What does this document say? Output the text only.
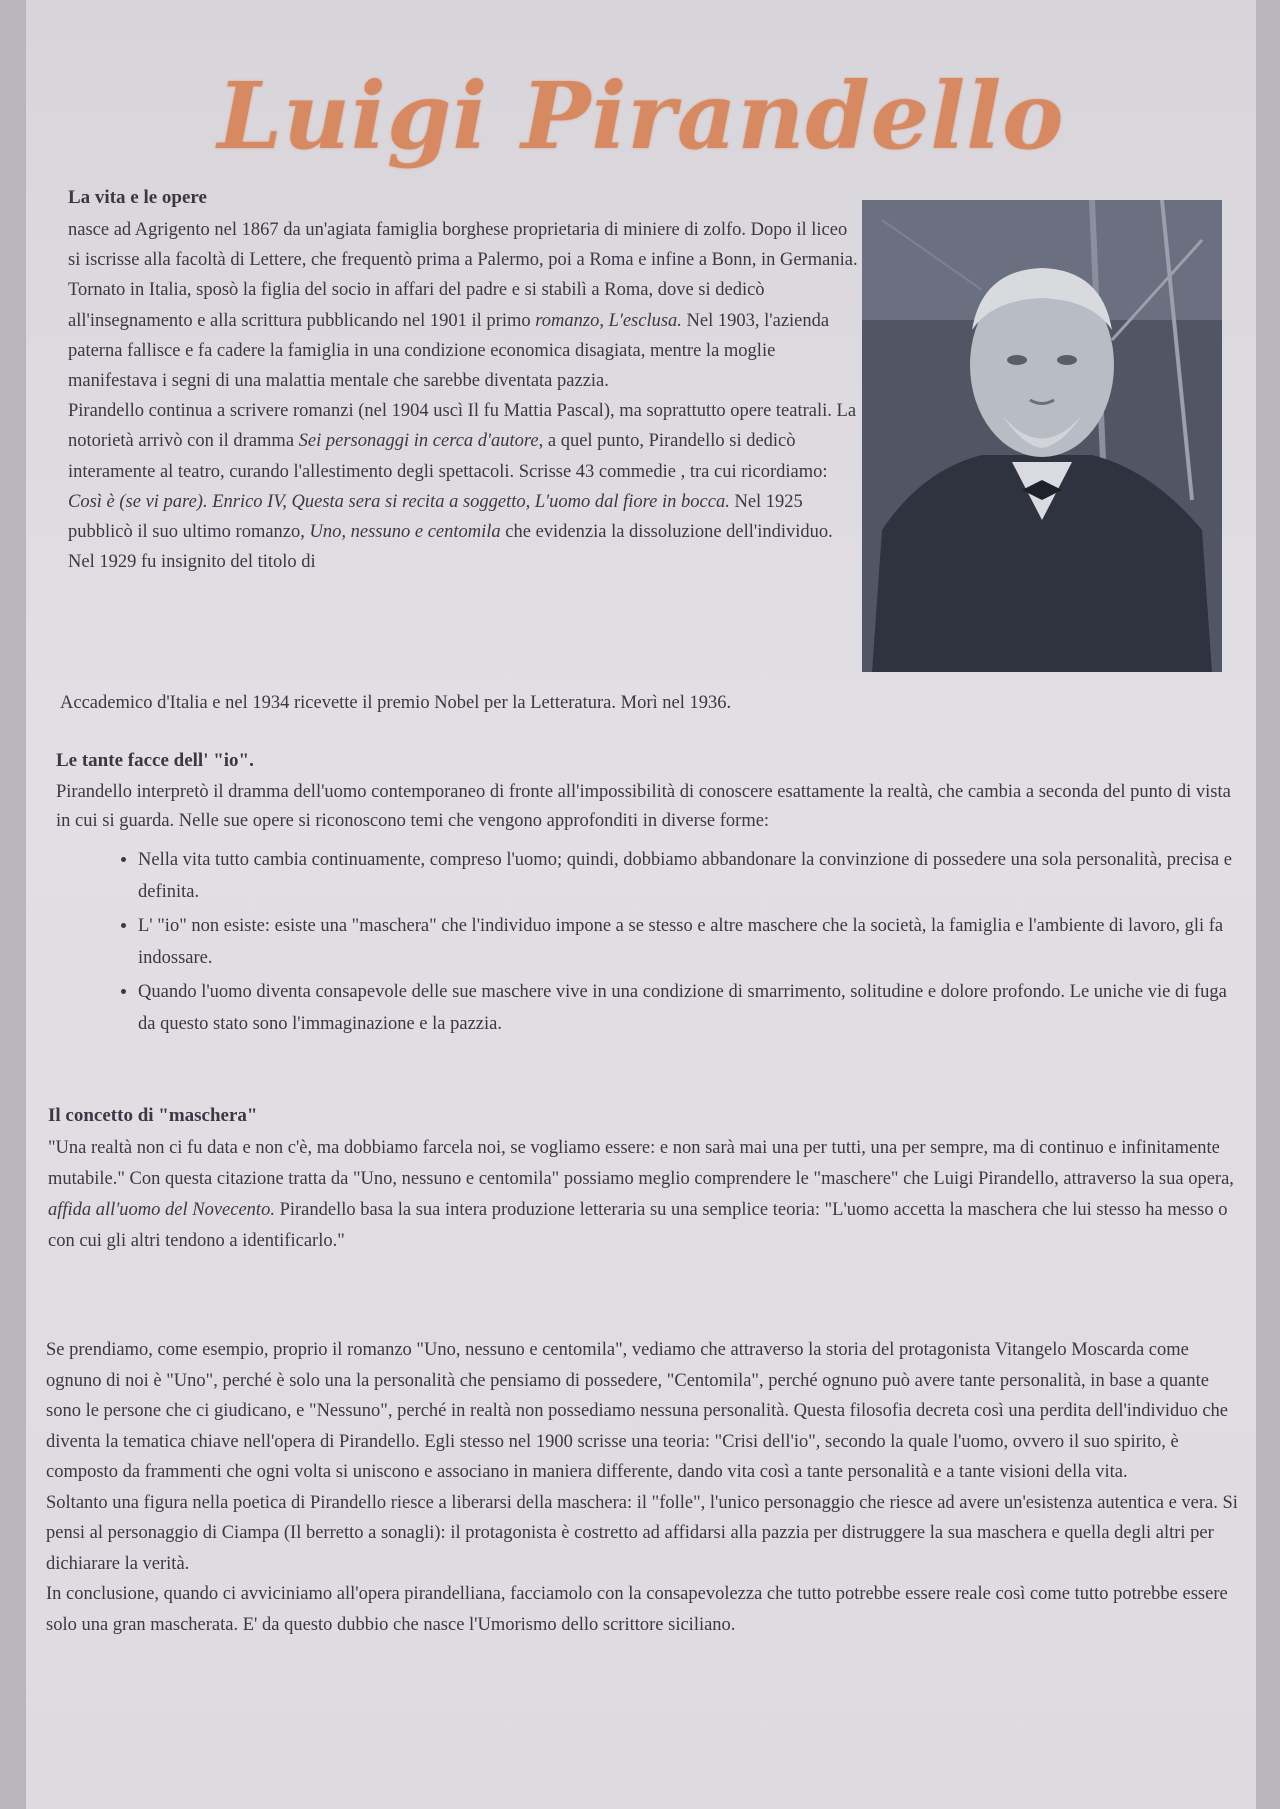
Luigi Pirandello

La vita e le opere

nasce ad Agrigento nel 1867 da un'agiata famiglia borghese proprietaria di miniere di zolfo. Dopo il liceo si iscrisse alla facoltà di Lettere, che frequentò prima a Palermo, poi a Roma e infine a Bonn, in Germania.

Tornato in Italia, sposò la figlia del socio in affari del padre e si stabilì a Roma, dove si dedicò all'insegnamento e alla scrittura pubblicando nel 1901 il primo romanzo, L'esclusa. Nel 1903, l'azienda paterna fallisce e fa cadere la famiglia in una condizione economica disagiata, mentre la moglie manifestava i segni di una malattia mentale che sarebbe diventata pazzia.

Pirandello continua a scrivere romanzi (nel 1904 uscì Il fu Mattia Pascal), ma soprattutto opere teatrali. La notorietà arrivò con il dramma Sei personaggi in cerca d'autore, a quel punto, Pirandello si dedicò interamente al teatro, curando l'allestimento degli spettacoli. Scrisse 43 commedie , tra cui ricordiamo: Così è (se vi pare). Enrico IV, Questa sera si recita a soggetto, L'uomo dal fiore in bocca. Nel 1925 pubblicò il suo ultimo romanzo, Uno, nessuno e centomila che evidenzia la dissoluzione dell'individuo. Nel 1929 fu insignito del titolo di

Accademico d'Italia e nel 1934 ricevette il premio Nobel per la Letteratura. Morì nel 1936.

Le tante facce dell' "io".

Pirandello interpretò il dramma dell'uomo contemporaneo di fronte all'impossibilità di conoscere esattamente la realtà, che cambia a seconda del punto di vista in cui si guarda. Nelle sue opere si riconoscono temi che vengono approfonditi in diverse forme:

• Nella vita tutto cambia continuamente, compreso l'uomo; quindi, dobbiamo abbandonare la convinzione di possedere una sola personalità, precisa e definita.
• L' "io" non esiste: esiste una "maschera" che l'individuo impone a se stesso e altre maschere che la società, la famiglia e l'ambiente di lavoro, gli fa indossare.
• Quando l'uomo diventa consapevole delle sue maschere vive in una condizione di smarrimento, solitudine e dolore profondo. Le uniche vie di fuga da questo stato sono l'immaginazione e la pazzia.

Il concetto di "maschera"

"Una realtà non ci fu data e non c'è, ma dobbiamo farcela noi, se vogliamo essere: e non sarà mai una per tutti, una per sempre, ma di continuo e infinitamente mutabile." Con questa citazione tratta da "Uno, nessuno e centomila" possiamo meglio comprendere le "maschere" che Luigi Pirandello, attraverso la sua opera, affida all'uomo del Novecento. Pirandello basa la sua intera produzione letteraria su una semplice teoria: "L'uomo accetta la maschera che lui stesso ha messo o con cui gli altri tendono a identificarlo."

Se prendiamo, come esempio, proprio il romanzo "Uno, nessuno e centomila", vediamo che attraverso la storia del protagonista Vitangelo Moscarda come ognuno di noi è "Uno", perché è solo una la personalità che pensiamo di possedere, "Centomila", perché ognuno può avere tante personalità, in base a quante sono le persone che ci giudicano, e "Nessuno", perché in realtà non possediamo nessuna personalità. Questa filosofia decreta così una perdita dell'individuo che diventa la tematica chiave nell'opera di Pirandello. Egli stesso nel 1900 scrisse una teoria: "Crisi dell'io", secondo la quale l'uomo, ovvero il suo spirito, è composto da frammenti che ogni volta si uniscono e associano in maniera differente, dando vita così a tante personalità e a tante visioni della vita.

Soltanto una figura nella poetica di Pirandello riesce a liberarsi della maschera: il "folle", l'unico personaggio che riesce ad avere un'esistenza autentica e vera. Si pensi al personaggio di Ciampa (Il berretto a sonagli): il protagonista è costretto ad affidarsi alla pazzia per distruggere la sua maschera e quella degli altri per dichiarare la verità.

In conclusione, quando ci avviciniamo all'opera pirandelliana, facciamolo con la consapevolezza che tutto potrebbe essere reale così come tutto potrebbe essere solo una gran mascherata. E' da questo dubbio che nasce l'Umorismo dello scrittore siciliano.
